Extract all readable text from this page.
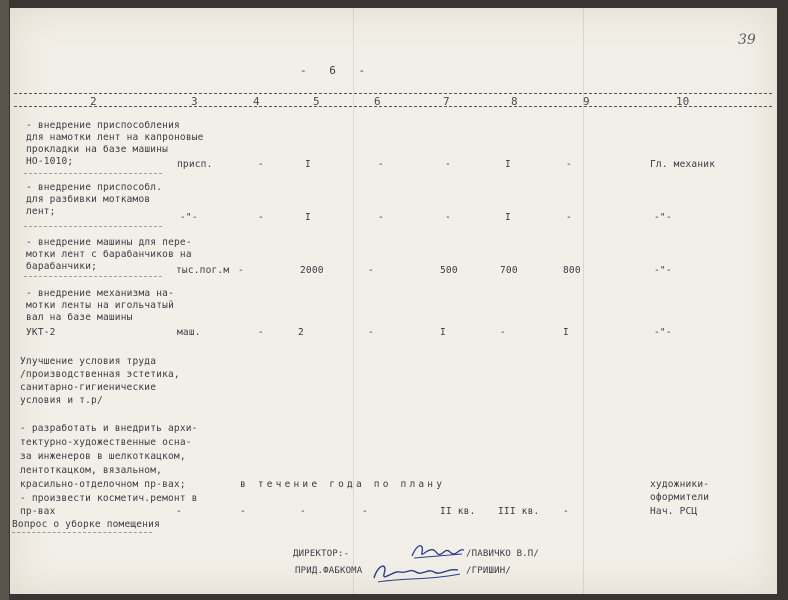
39
- 6 -
2	3	4	5	6	7	8	9	10
- внедрение приспособления
для намотки лент на капроновые
прокладки на базе машины
НО-1010;	присп.	-	I	-	-	I	-	Гл. механик
- внедрение приспособл.
для разбивки моткамов
лент;
-"-	-	I	-	-	I	-	-"-
- внедрение машины для пере-
мотки лент с барабанчиков на
барабанчики;	тыс.пог.м -	2000	-	500	700	800	-"-
- внедрение механизма на-
мотки ленты на игольчатый
вал на базе машины
УКТ-2	маш.	-	2	-	I	-	I	-"-
Улучшение условия труда
/производственная эстетика,
санитарно-гигиенические
условия и т.р/
- разработать и внедрить архи-
тектурно-художественные осна-
за инженеров в шелкоткацком,
лентоткацком, вязальном,
красильно-отделочном пр-вах;	в течение года по плану	художники-
оформители
- произвести косметич.ремонт в
пр-вах	-	-	-	-	II кв. III кв. -	Нач. РСЦ
Вопрос о уборке помещения
ДИРЕКТОР:-	/ПАВИЧКО В.П/
ПРИД.ФАБКОМА	/ГРИШИН/
